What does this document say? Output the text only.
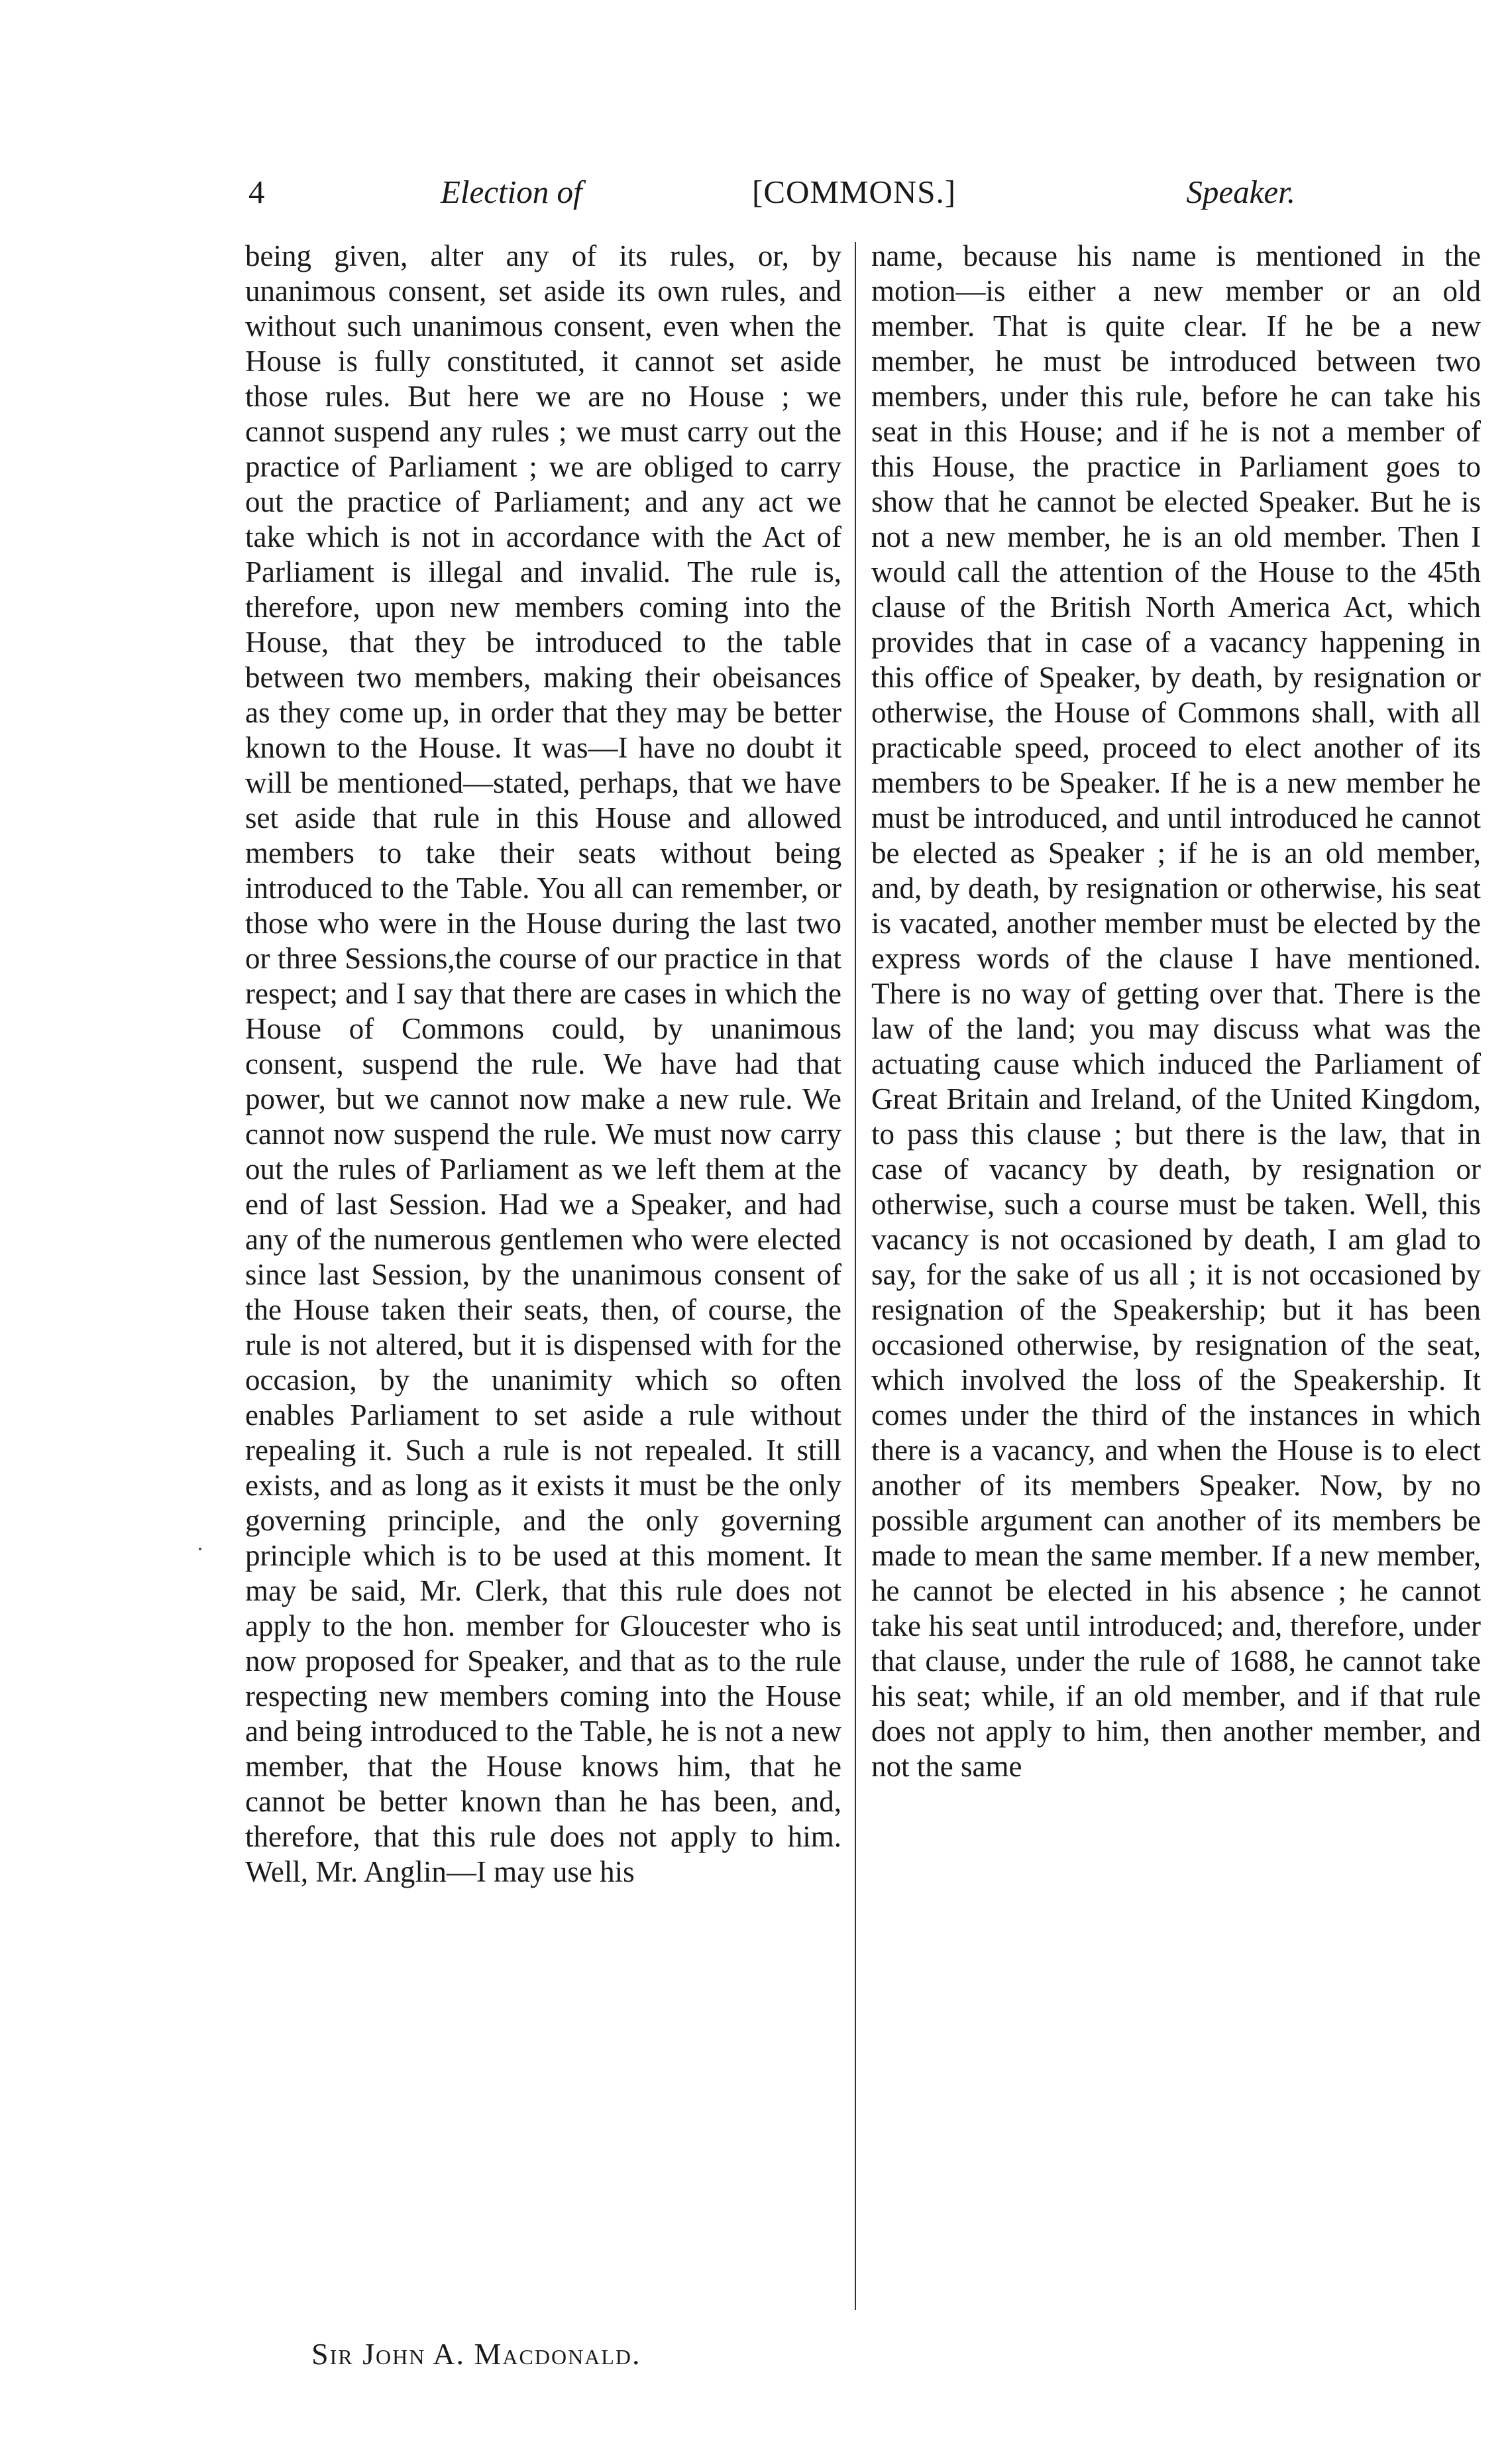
4	Election of	[COMMONS.]	Speaker.

being given, alter any of its rules, or, by unanimous consent, set aside its own rules, and without such unanimous consent, even when the House is fully constituted, it cannot set aside those rules. But here we are no House ; we cannot suspend any rules ; we must carry out the practice of Parliament ; we are obliged to carry out the practice of Parliament; and any act we take which is not in accordance with the Act of Parliament is illegal and invalid. The rule is, therefore, upon new members coming into the House, that they be introduced to the table between two members, making their obeisances as they come up, in order that they may be better known to the House. It was—I have no doubt it will be mentioned—stated, perhaps, that we have set aside that rule in this House and allowed members to take their seats without being introduced to the Table. You all can remember, or those who were in the House during the last two or three Sessions,the course of our practice in that respect; and I say that there are cases in which the House of Commons could, by unanimous consent, suspend the rule. We have had that power, but we cannot now make a new rule. We cannot now suspend the rule. We must now carry out the rules of Parliament as we left them at the end of last Session. Had we a Speaker, and had any of the numerous gentlemen who were elected since last Session, by the unanimous consent of the House taken their seats, then, of course, the rule is not altered, but it is dispensed with for the occasion, by the unanimity which so often enables Parliament to set aside a rule without repealing it. Such a rule is not repealed. It still exists, and as long as it exists it must be the only governing principle, and the only governing principle which is to be used at this moment. It may be said, Mr. Clerk, that this rule does not apply to the hon. member for Gloucester who is now proposed for Speaker, and that as to the rule respecting new members coming into the House and being introduced to the Table, he is not a new member, that the House knows him, that he cannot be better known than he has been, and, therefore, that this rule does not apply to him. Well, Mr. Anglin—I may use his

name, because his name is mentioned in the motion—is either a new member or an old member. That is quite clear. If he be a new member, he must be introduced between two members, under this rule, before he can take his seat in this House; and if he is not a member of this House, the practice in Parliament goes to show that he cannot be elected Speaker. But he is not a new member, he is an old member. Then I would call the attention of the House to the 45th clause of the British North America Act, which provides that in case of a vacancy happening in this office of Speaker, by death, by resignation or otherwise, the House of Commons shall, with all practicable speed, proceed to elect another of its members to be Speaker. If he is a new member he must be introduced, and until introduced he cannot be elected as Speaker ; if he is an old member, and, by death, by resignation or otherwise, his seat is vacated, another member must be elected by the express words of the clause I have mentioned. There is no way of getting over that. There is the law of the land; you may discuss what was the actuating cause which induced the Parliament of Great Britain and Ireland, of the United Kingdom, to pass this clause ; but there is the law, that in case of vacancy by death, by resignation or otherwise, such a course must be taken. Well, this vacancy is not occasioned by death, I am glad to say, for the sake of us all ; it is not occasioned by resignation of the Speakership; but it has been occasioned otherwise, by resignation of the seat, which involved the loss of the Speakership. It comes under the third of the instances in which there is a vacancy, and when the House is to elect another of its members Speaker. Now, by no possible argument can another of its members be made to mean the same member. If a new member, he cannot be elected in his absence ; he cannot take his seat until introduced; and, therefore, under that clause, under the rule of 1688, he cannot take his seat; while, if an old member, and if that rule does not apply to him, then another member, and not the same

Sir John A. Macdonald.
